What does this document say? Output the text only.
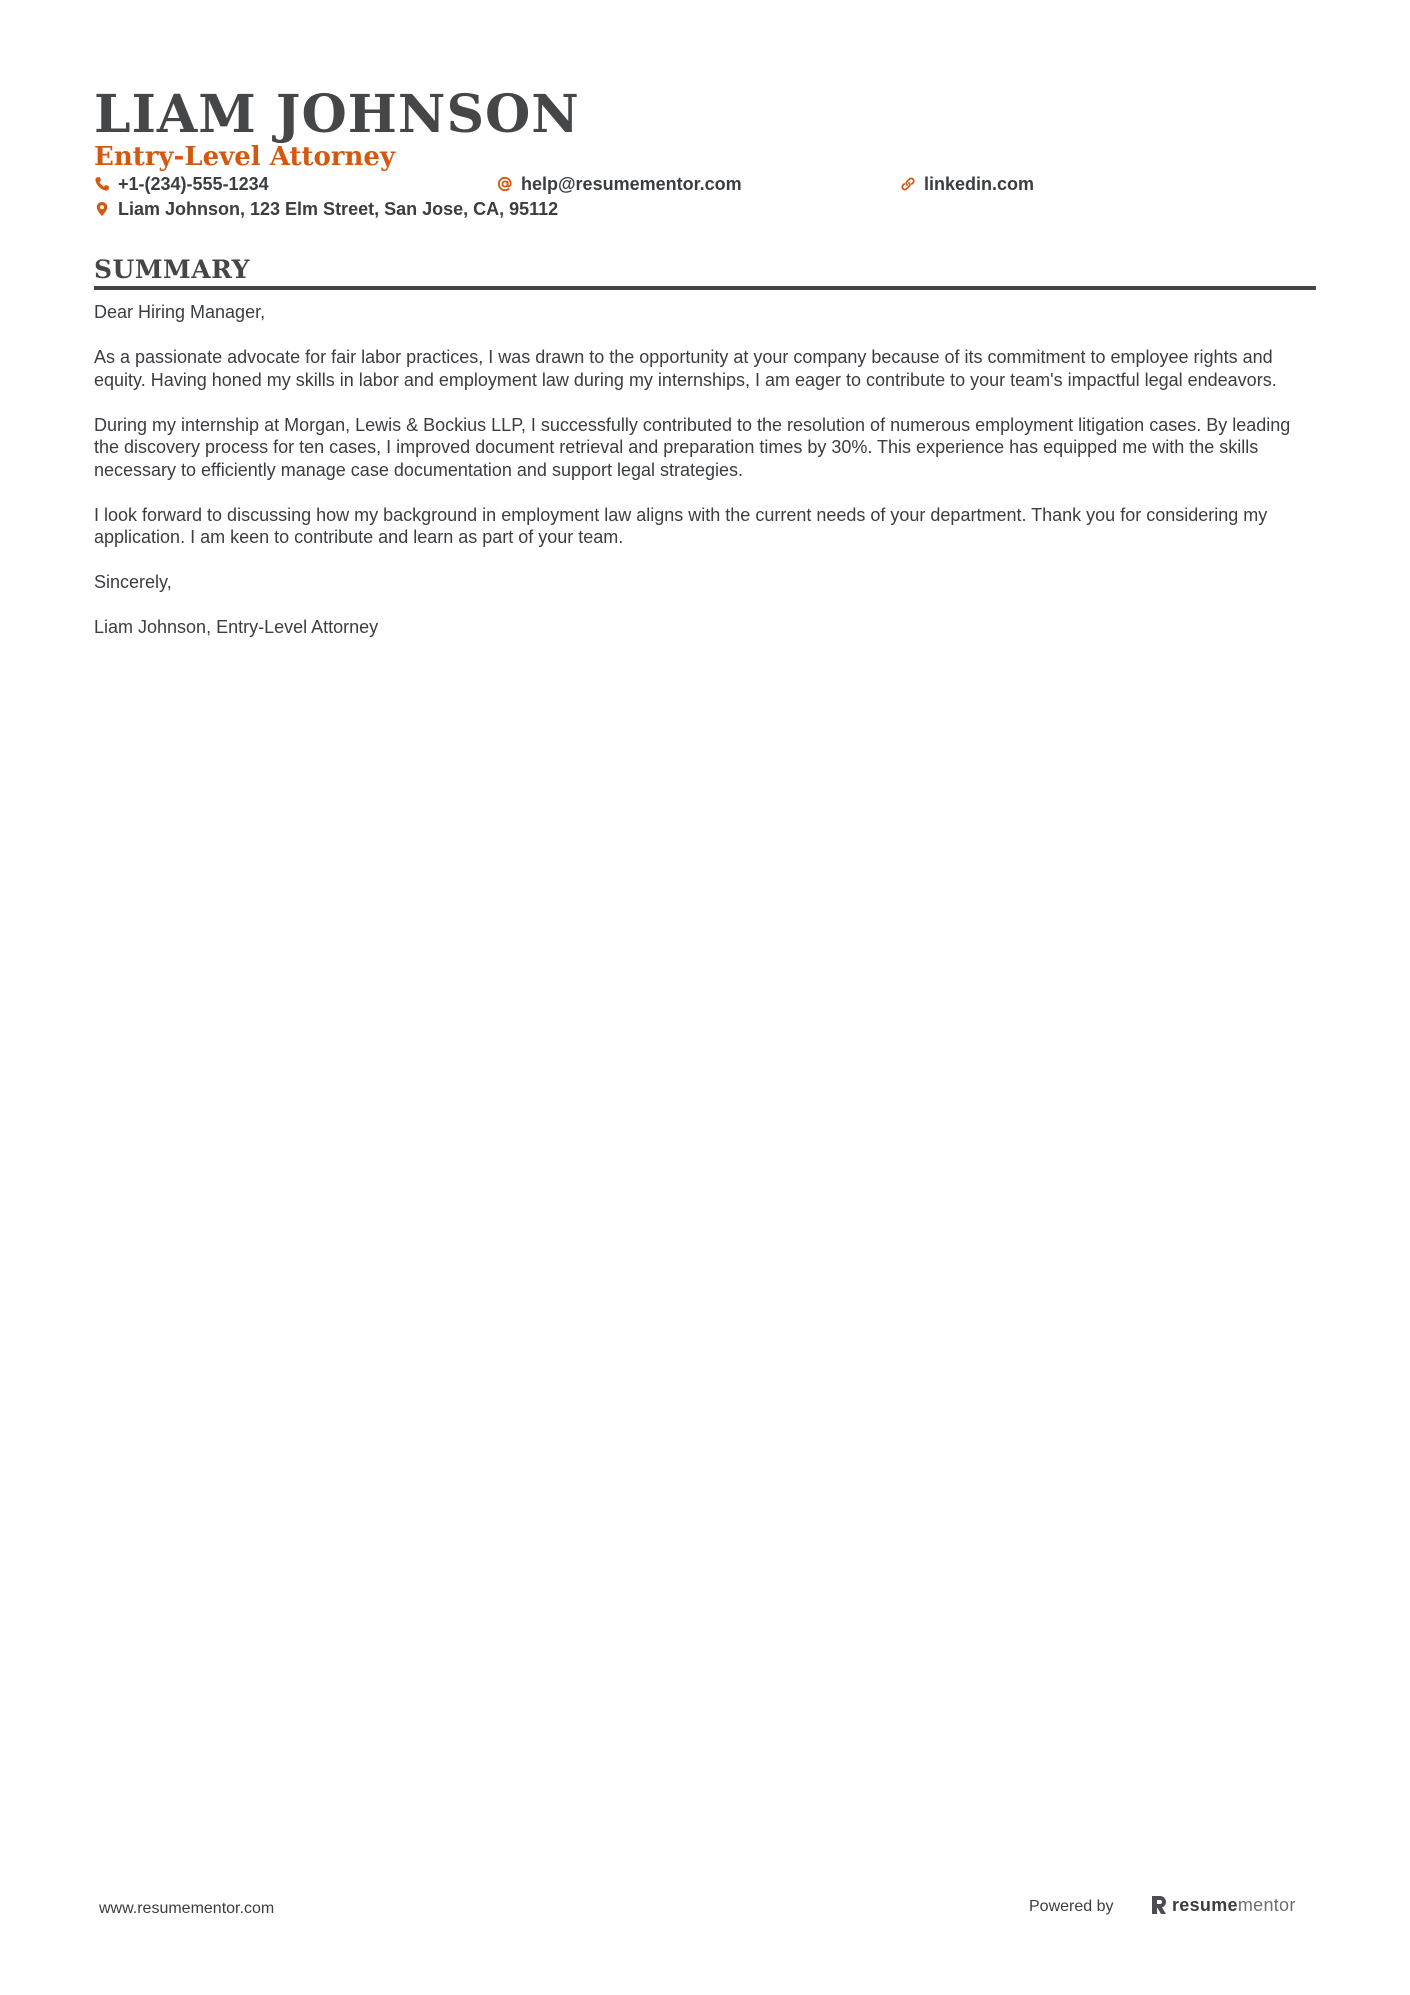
LIAM JOHNSON
Entry-Level Attorney
+1-(234)-555-1234	help@resumementor.com	linkedin.com
Liam Johnson, 123 Elm Street, San Jose, CA, 95112
SUMMARY

Dear Hiring Manager,

As a passionate advocate for fair labor practices, I was drawn to the opportunity at your company because of its commitment to employee rights and equity. Having honed my skills in labor and employment law during my internships, I am eager to contribute to your team's impactful legal endeavors.

During my internship at Morgan, Lewis & Bockius LLP, I successfully contributed to the resolution of numerous employment litigation cases. By leading the discovery process for ten cases, I improved document retrieval and preparation times by 30%. This experience has equipped me with the skills necessary to efficiently manage case documentation and support legal strategies.

I look forward to discussing how my background in employment law aligns with the current needs of your department. Thank you for considering my application. I am keen to contribute and learn as part of your team.

Sincerely,

Liam Johnson, Entry-Level Attorney

www.resumementor.com	Powered by	resumementor
